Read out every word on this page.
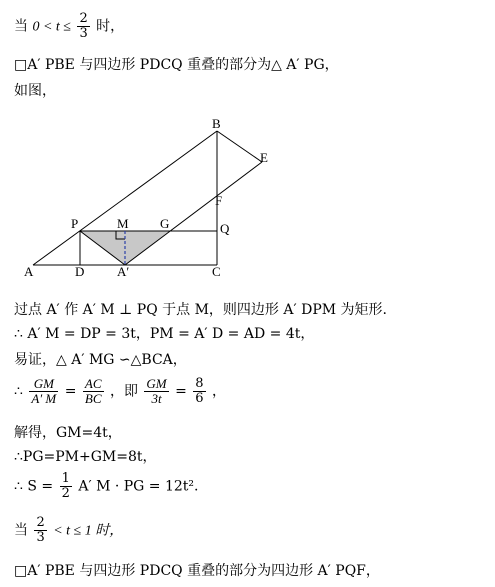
当 $0 < t \le \frac{2}{3}$ 时，
□A′ PBE 与四边形 PDCQ 重叠的部分为△ A′ PG，
如图，
B
E
F
P	M G	Q
A	D	A′	C
过点 A′ 作 A′ M ⊥ PQ 于点 M，则四边形 A′ DPM 为矩形.
∴ A′ M = DP = 3t，PM = A′ D = AD = 4t，
易证，△ A′ MG ∽△BCA，
∴ $\frac{GM}{A' M} = \frac{AC}{BC}$ ，即 $\frac{GM}{3t} = \frac{8}{6}$ ，
解得，GM=4t，
∴PG=PM+GM=8t，
∴ $S = \frac{1}{2} A'$ M · PG = 12t².
当 $\frac{2}{3} < t \le 1$ 时，
□A′ PBE 与四边形 PDCQ 重叠的部分为四边形 A′ PQF，
